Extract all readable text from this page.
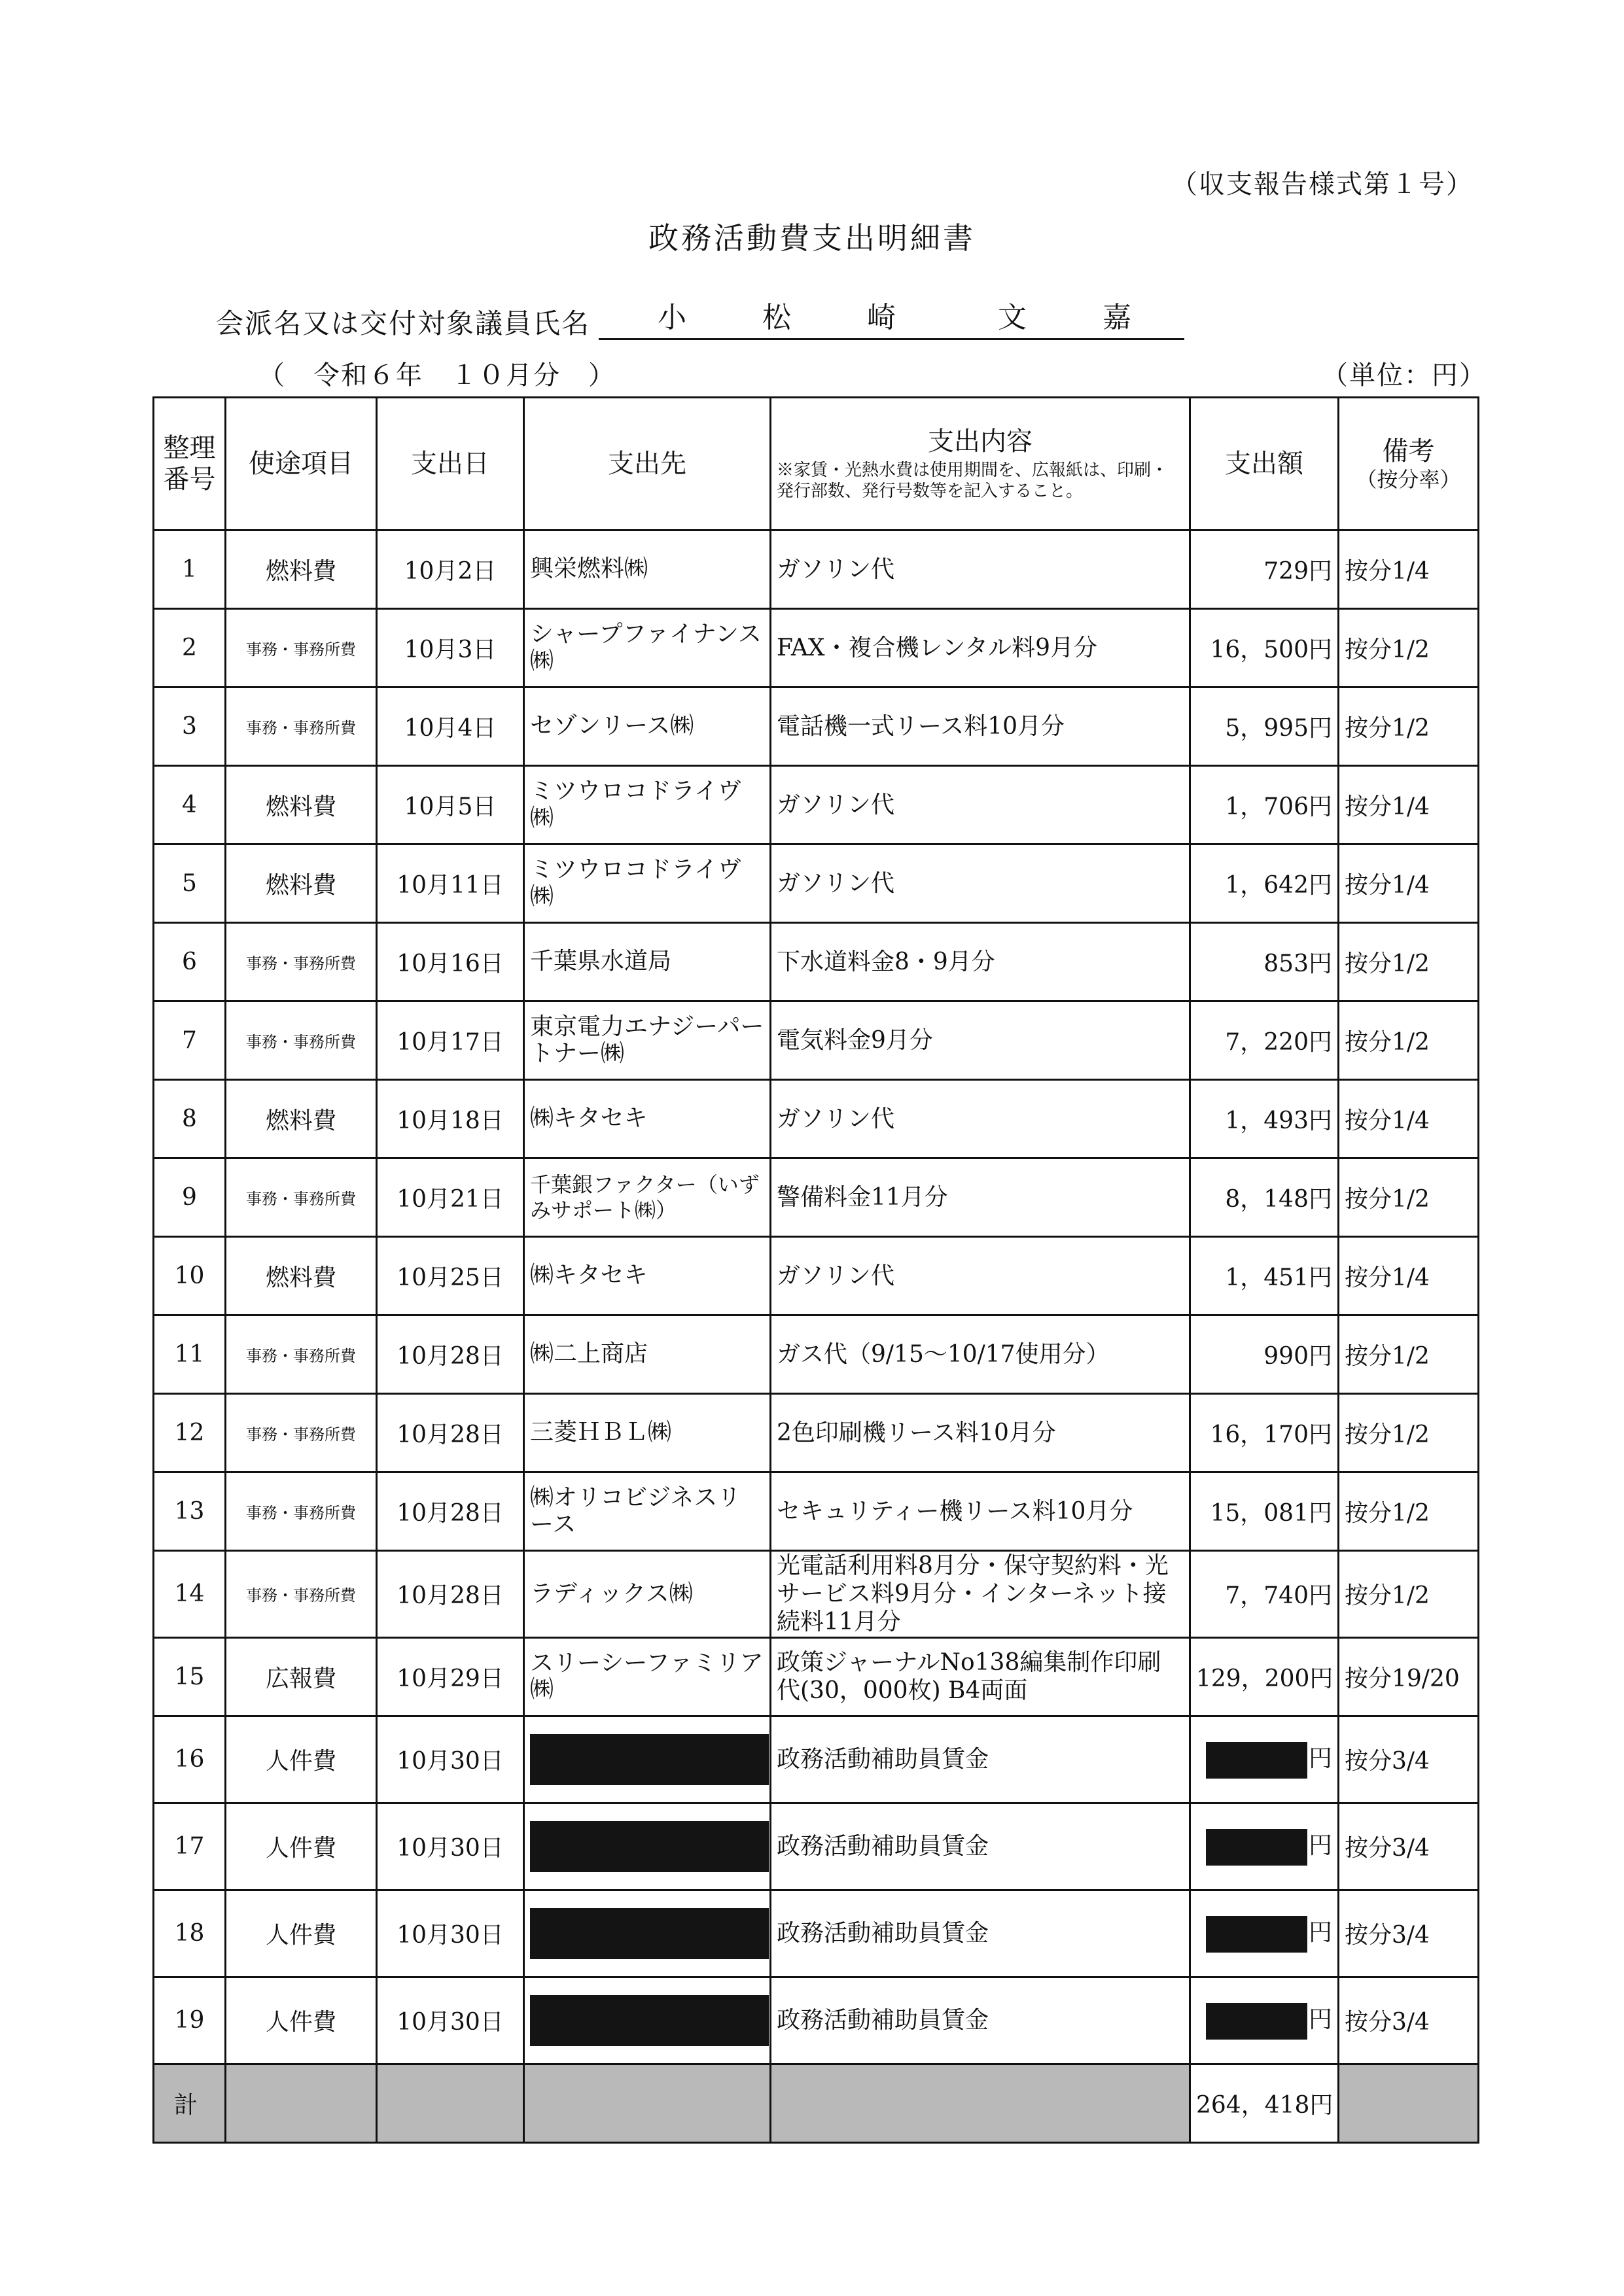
（収支報告様式第１号）
政務活動費支出明細書
会派名又は交付対象議員氏名 小	松	崎	文	嘉
（　令和６年　１０月分　）	（単位：円）
整理番号	使途項目	支出日	支出先	支出内容
※家賃・光熱水費は使用期間を、広報紙は、印刷・発行部数、発行号数等を記入すること。	支出額	備考
（按分率）

1	燃料費	10月2日	興栄燃料㈱	ガソリン代	729円	按分1/4
2	事務・事務所費	10月3日	シャープファイナンス㈱	FAX・複合機レンタル料9月分	16，500円	按分1/2
3	事務・事務所費	10月4日	セゾンリース㈱	電話機一式リース料10月分	5，995円	按分1/2
4	燃料費	10月5日	ミツウロコドライヴ㈱	ガソリン代	1，706円	按分1/4
5	燃料費	10月11日	ミツウロコドライヴ㈱	ガソリン代	1，642円	按分1/4
6	事務・事務所費	10月16日	千葉県水道局	下水道料金8・9月分	853円	按分1/2
7	事務・事務所費	10月17日	東京電力エナジーパートナー㈱	電気料金9月分	7，220円	按分1/2
8	燃料費	10月18日	㈱キタセキ	ガソリン代	1，493円	按分1/4
9	事務・事務所費	10月21日	千葉銀ファクター（いずみサポート㈱）	警備料金11月分	8，148円	按分1/2
10	燃料費	10月25日	㈱キタセキ	ガソリン代	1，451円	按分1/4
11	事務・事務所費	10月28日	㈱二上商店	ガス代（9/15～10/17使用分）	990円	按分1/2
12	事務・事務所費	10月28日	三菱ＨＢＬ㈱	2色印刷機リース料10月分	16，170円	按分1/2
13	事務・事務所費	10月28日	㈱オリコビジネスリース	セキュリティー機リース料10月分	15，081円	按分1/2
14	事務・事務所費	10月28日	ラディックス㈱	光電話利用料8月分・保守契約料・光サービス料9月分・インターネット接続料11月分	7，740円	按分1/2
15	広報費	10月29日	スリーシーファミリア㈱	政策ジャーナルNo138編集制作印刷代(30，000枚) B4両面	129，200円	按分19/20
16	人件費	10月30日		政務活動補助員賃金	円	按分3/4
17	人件費	10月30日		政務活動補助員賃金	円	按分3/4
18	人件費	10月30日		政務活動補助員賃金	円	按分3/4
19	人件費	10月30日		政務活動補助員賃金	円	按分3/4
計					264，418円	
